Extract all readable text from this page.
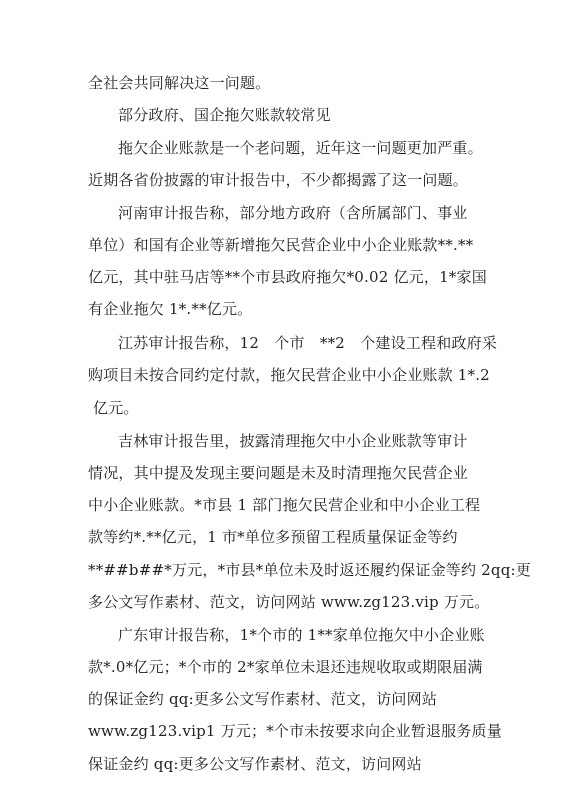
全社会共同解决这一问题。
部分政府、国企拖欠账款较常见
拖欠企业账款是一个老问题，近年这一问题更加严重。
近期各省份披露的审计报告中，不少都揭露了这一问题。
河南审计报告称，部分地方政府（含所属部门、事业
单位）和国有企业等新增拖欠民营企业中小企业账款**.**
亿元，其中驻马店等**个市县政府拖欠*0.02 亿元，1*家国
有企业拖欠 1*.**亿元。
江苏审计报告称，12　个市　**2　个建设工程和政府采
购项目未按合同约定付款，拖欠民营企业中小企业账款 1*.2
亿元。
吉林审计报告里，披露清理拖欠中小企业账款等审计
情况，其中提及发现主要问题是未及时清理拖欠民营企业
中小企业账款。*市县 1 部门拖欠民营企业和中小企业工程
款等约*.**亿元，1 市*单位多预留工程质量保证金等约
**##b##*万元，*市县*单位未及时返还履约保证金等约 2qq:更
多公文写作素材、范文，访问网站 www.zg123.vip 万元。
广东审计报告称，1*个市的 1**家单位拖欠中小企业账
款*.0*亿元；*个市的 2*家单位未退还违规收取或期限届满
的保证金约 qq:更多公文写作素材、范文，访问网站
www.zg123.vip1 万元；*个市未按要求向企业暂退服务质量
保证金约 qq:更多公文写作素材、范文，访问网站
